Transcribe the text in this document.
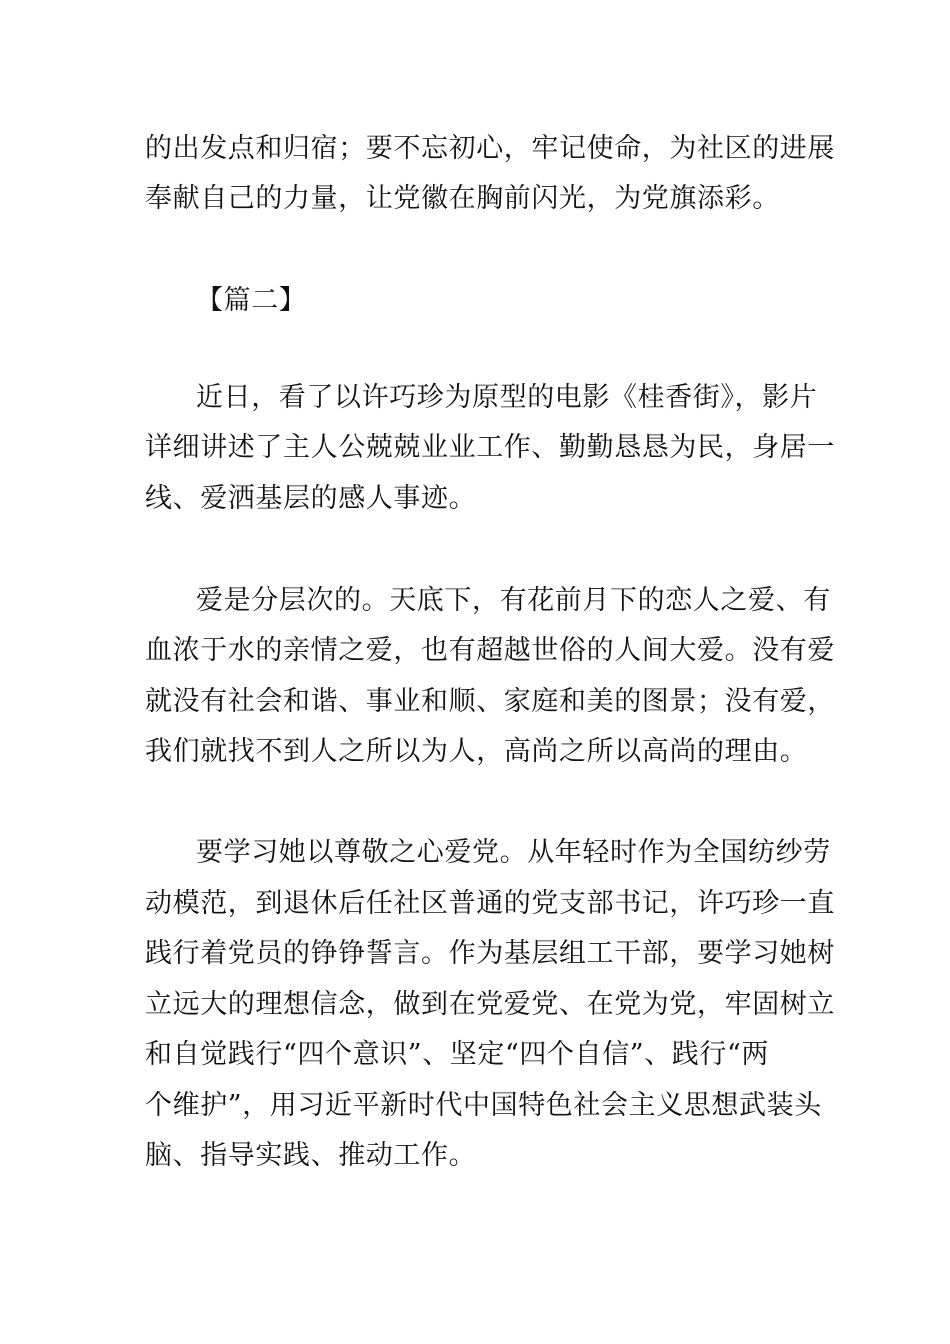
的出发点和归宿；要不忘初心，牢记使命，为社区的进展

奉献自己的力量，让党徽在胸前闪光，为党旗添彩。

【篇二】

近日，看了以许巧珍为原型的电影《桂香街》，影片

详细讲述了主人公兢兢业业工作、勤勤恳恳为民，身居一

线、爱洒基层的感人事迹。

爱是分层次的。天底下，有花前月下的恋人之爱、有

血浓于水的亲情之爱，也有超越世俗的人间大爱。没有爱

就没有社会和谐、事业和顺、家庭和美的图景；没有爱，

我们就找不到人之所以为人，高尚之所以高尚的理由。

要学习她以尊敬之心爱党。从年轻时作为全国纺纱劳

动模范，到退休后任社区普通的党支部书记，许巧珍一直

践行着党员的铮铮誓言。作为基层组工干部，要学习她树

立远大的理想信念，做到在党爱党、在党为党，牢固树立

和自觉践行“四个意识”、坚定“四个自信”、践行“两

个维护”，用习近平新时代中国特色社会主义思想武装头

脑、指导实践、推动工作。
